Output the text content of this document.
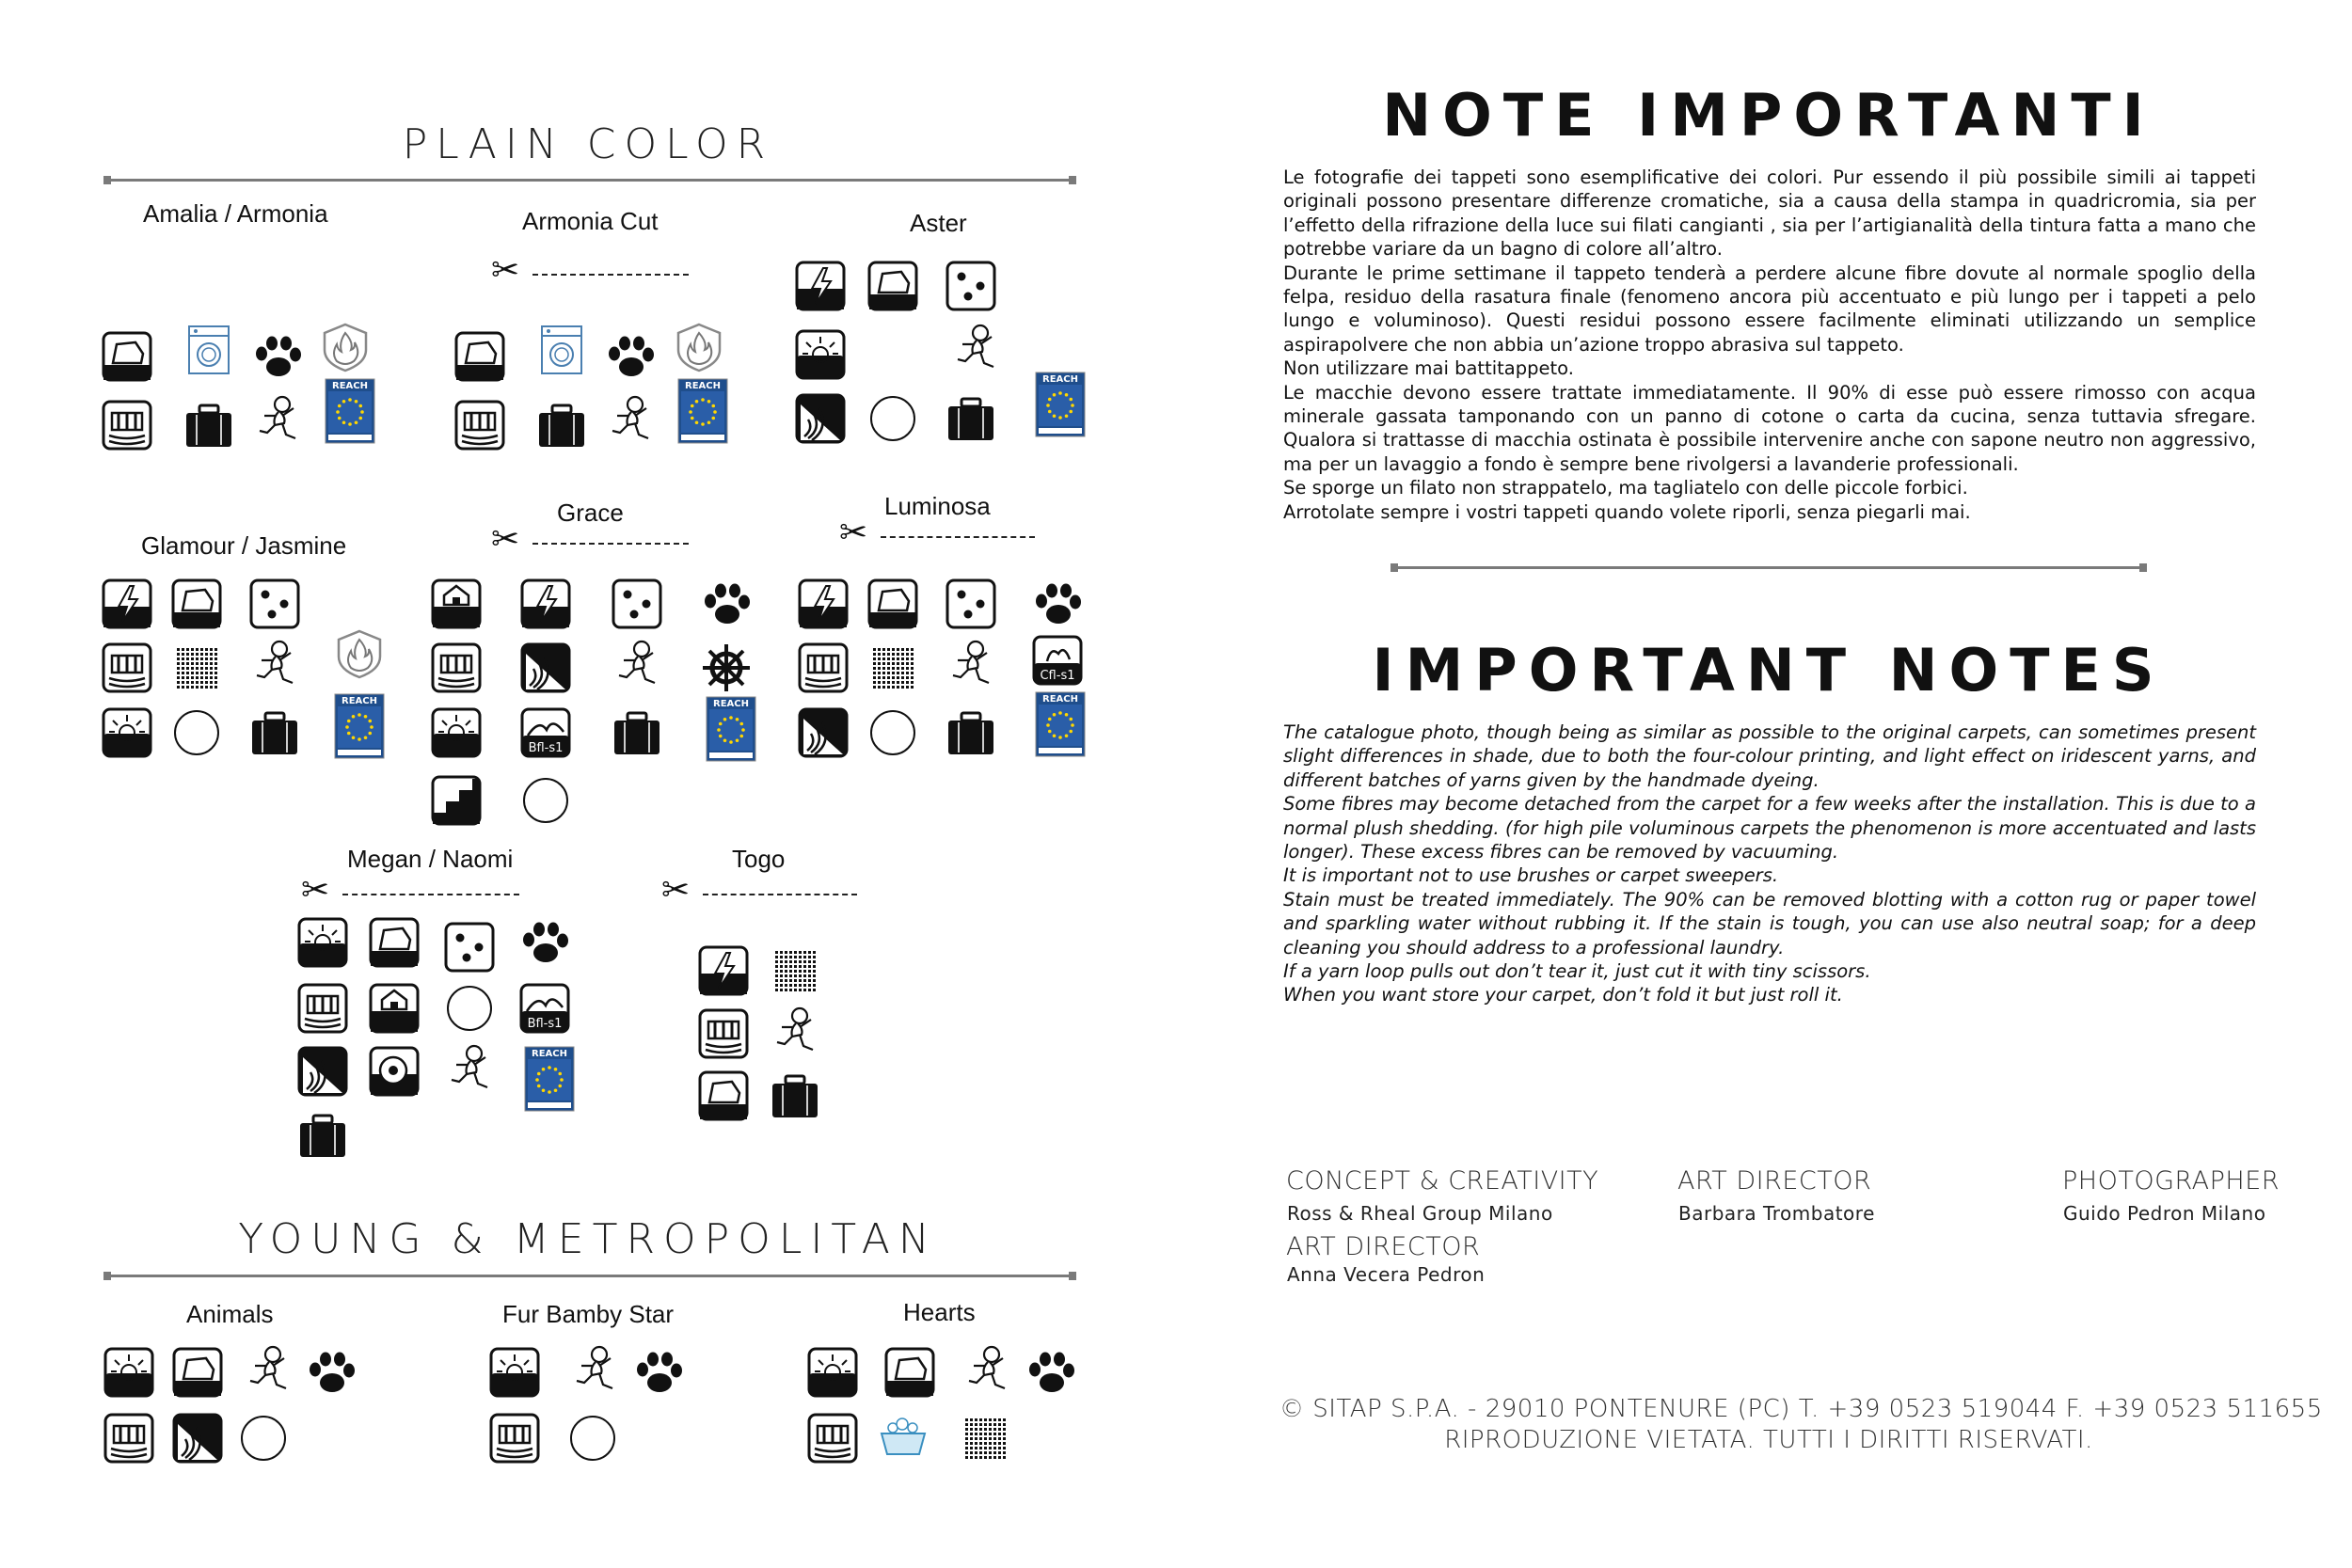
PLAIN COLOR
Amalia / Armonia	Armonia Cut	Aster
Glamour / Jasmine
Grace	Luminosa
Megan / Naomi	Togo
✂
✂	✂
✂	✂
YOUNG & METROPOLITAN
Animals	Fur Bamby Star	Hearts
REACH	REACH
REACH
REACH
Bfl-s1
REACH
Cfl-s1
REACH
Bfl-s1
REACH
NOTE IMPORTANTI

Le fotografie dei tappeti sono esemplificative dei colori. Pur essendo il più possibile simili ai tappeti originali possono presentare differenze cromatiche, sia a causa della stampa in quadricromia, sia per l’effetto della rifrazione della luce sui filati cangianti , sia per l’artigianalità della tintura fatta a mano che potrebbe variare da un bagno di colore all’altro.

Durante le prime settimane il tappeto tenderà a perdere alcune fibre dovute al normale spoglio della felpa, residuo della rasatura finale (fenomeno ancora più accentuato e più lungo per i tappeti a pelo lungo e voluminoso). Questi residui possono essere facilmente eliminati utilizzando un semplice aspirapolvere che non abbia un’azione troppo abrasiva sul tappeto.

Non utilizzare mai battitappeto.

Le macchie devono essere trattate immediatamente. Il 90% di esse può essere rimosso con acqua minerale gassata tamponando con un panno di cotone o carta da cucina, senza tuttavia sfregare. Qualora si trattasse di macchia ostinata è possibile intervenire anche con sapone neutro non aggressivo, ma per un lavaggio a fondo è sempre bene rivolgersi a lavanderie professionali.

Se sporge un filato non strappatelo, ma tagliatelo con delle piccole forbici.

Arrotolate sempre i vostri tappeti quando volete riporli, senza piegarli mai.

IMPORTANT NOTES

The catalogue photo, though being as similar as possible to the original carpets, can sometimes present slight differences in shade, due to both the four-colour printing, and light effect on iridescent yarns, and different batches of yarns given by the handmade dyeing.

Some fibres may become detached from the carpet for a few weeks after the installation. This is due to a normal plush shedding. (for high pile voluminous carpets the phenomenon is more accentuated and lasts longer). These excess fibres can be removed by vacuuming.

It is important not to use brushes or carpet sweepers.

Stain must be treated immediately. The 90% can be removed blotting with a cotton rug or paper towel and sparkling water without rubbing it. If the stain is tough, you can use also neutral soap; for a deep cleaning you should address to a professional laundry.

If a yarn loop pulls out don’t tear it, just cut it with tiny scissors.

When you want store your carpet, don’t fold it but just roll it.

CONCEPT & CREATIVITY
Ross & Rheal Group Milano
ART DIRECTOR
Barbara Trombatore
PHOTOGRAPHER
Guido Pedron Milano
ART DIRECTOR
Anna Vecera Pedron
© SITAP S.P.A. - 29010 PONTENURE (PC) T. +39 0523 519044 F. +39 0523 511655
RIPRODUZIONE VIETATA. TUTTI I DIRITTI RISERVATI.
